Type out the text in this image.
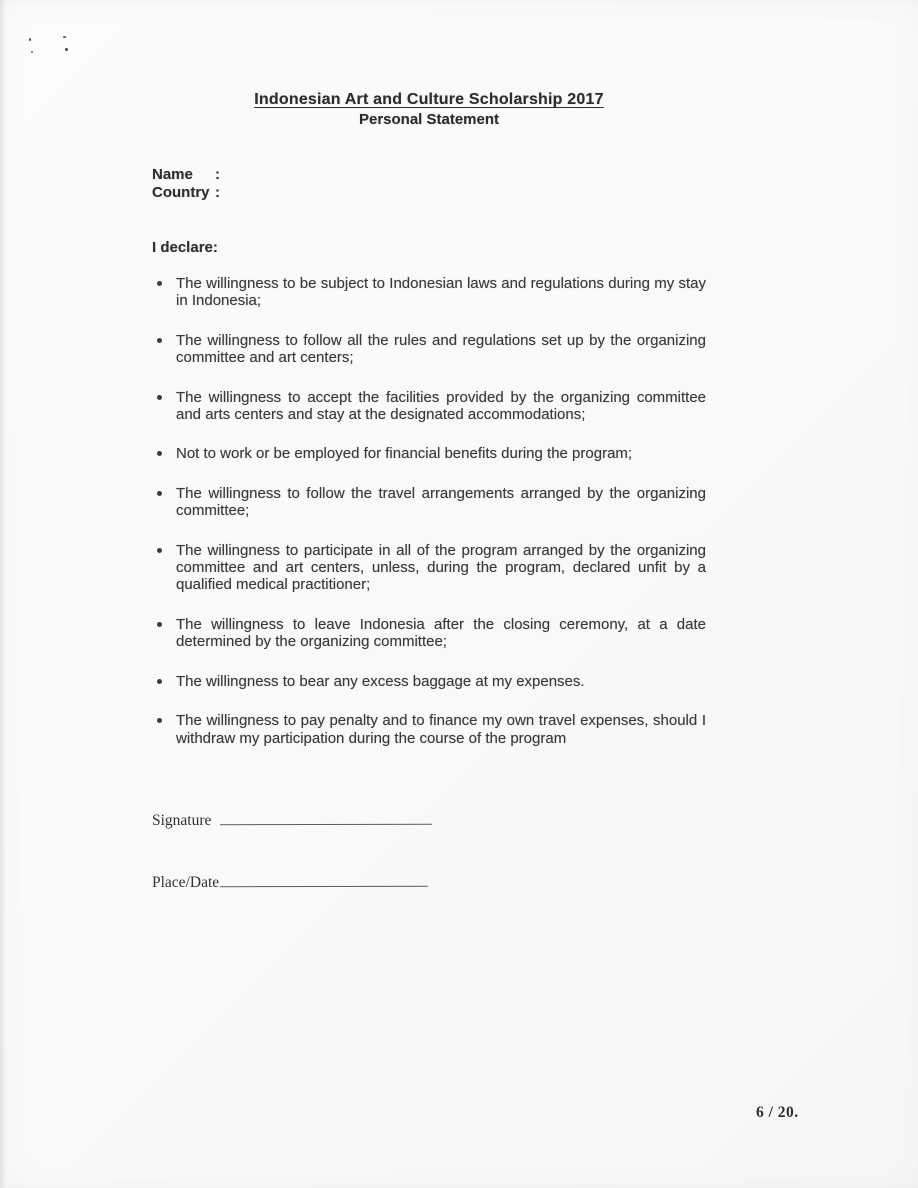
Indonesian Art and Culture Scholarship 2017
Personal Statement
Name :
Country :

I declare:

The willingness to be subject to Indonesian laws and regulations during my stay in Indonesia;
The willingness to follow all the rules and regulations set up by the organizing committee and art centers;
The willingness to accept the facilities provided by the organizing committee and arts centers and stay at the designated accommodations;
Not to work or be employed for financial benefits during the program;
The willingness to follow the travel arrangements arranged by the organizing committee;
The willingness to participate in all of the program arranged by the organizing committee and art centers, unless, during the program, declared unfit by a qualified medical practitioner;
The willingness to leave Indonesia after the closing ceremony, at a date determined by the organizing committee;
The willingness to bear any excess baggage at my expenses.
The willingness to pay penalty and to finance my own travel expenses, should I withdraw my participation during the course of the program
Signature
Place/Date
6 / 20.
